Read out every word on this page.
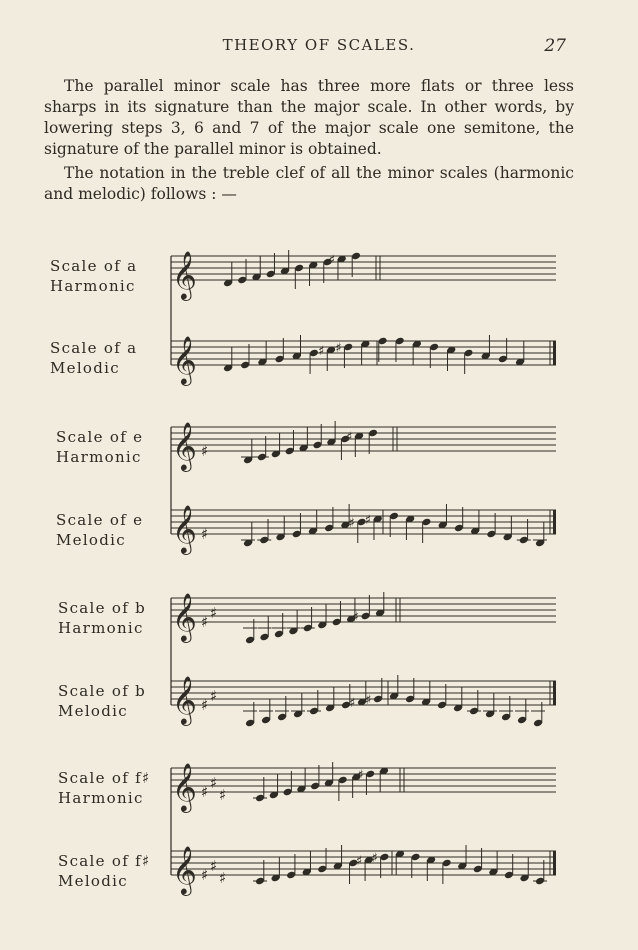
THEORY OF SCALES.	27

The parallel minor scale has three more flats or three less sharps in its signature than the major scale. In other words, by lowering steps 3, 6 and 7 of the major scale one semitone, the signature of the parallel minor is obtained.

The notation in the treble clef of all the minor scales (harmonic and melodic) follows : —

Scale of a
Harmonic
Scale of a
Melodic
Scale of e
Harmonic
Scale of e
Melodic
Scale of b
Harmonic
Scale of b
Melodic
Scale of f♯
Harmonic
Scale of f♯
Melodic
𝄞	♯
𝄞	♯ ♯
𝄞 ♯
♯
𝄞 ♯
♯ ♯
𝄞 ♯ ♯	♯
𝄞 ♯ ♯	♯ ♯
𝄞 ♯ ♯
♯
♯
𝄞 ♯ ♯
♯
♯ ♯
